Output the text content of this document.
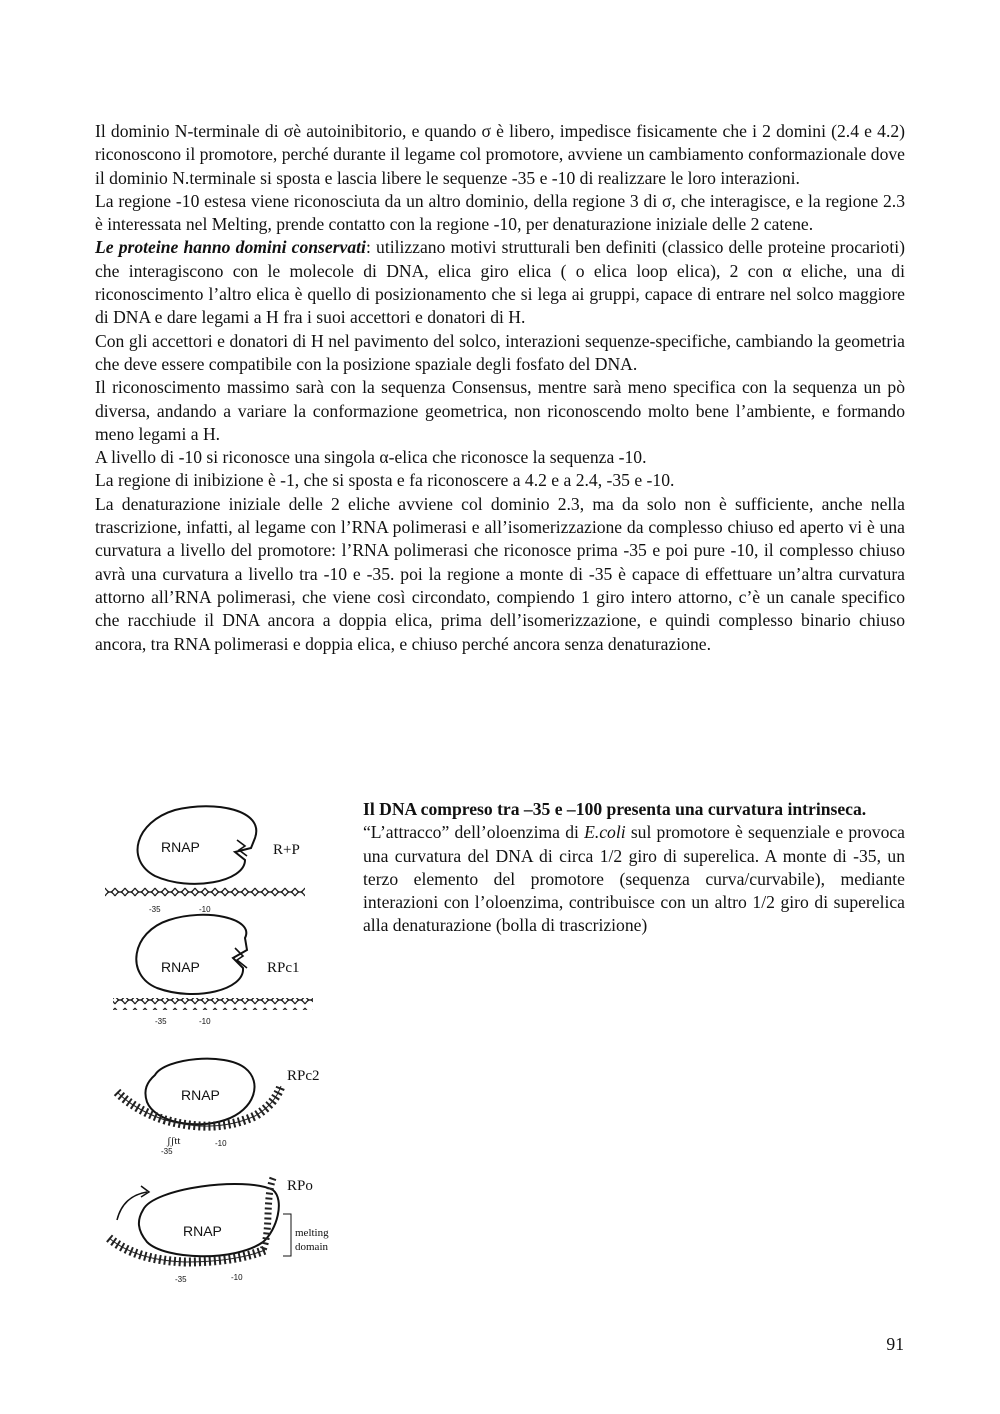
Il dominio N-terminale di σè autoinibitorio, e quando σ è libero, impedisce fisicamente che i 2 domini (2.4 e 4.2) riconoscono il promotore, perché durante il legame col promotore, avviene un cambiamento conformazionale dove il dominio N.terminale si sposta e lascia libere le sequenze -35 e -10 di realizzare le loro interazioni.

La regione -10 estesa viene riconosciuta da un altro dominio, della regione 3 di σ, che interagisce, e la regione 2.3 è interessata nel Melting, prende contatto con la regione -10, per denaturazione iniziale delle 2 catene.

Le proteine hanno domini conservati: utilizzano motivi strutturali ben definiti (classico delle proteine procarioti) che interagiscono con le molecole di DNA, elica giro elica ( o elica loop elica), 2 con α eliche, una di riconoscimento l’altro elica è quello di posizionamento che si lega ai gruppi, capace di entrare nel solco maggiore di DNA e dare legami a H fra i suoi accettori e donatori di H.

Con gli accettori e donatori di H nel pavimento del solco, interazioni sequenze-specifiche, cambiando la geometria che deve essere compatibile con la posizione spaziale degli fosfato del DNA.

Il riconoscimento massimo sarà con la sequenza Consensus, mentre sarà meno specifica con la sequenza un pò diversa, andando a variare la conformazione geometrica, non riconoscendo molto bene l’ambiente, e formando meno legami a H.

A livello di -10 si riconosce una singola α-elica che riconosce la sequenza -10.

La regione di inibizione è -1, che si sposta e fa riconoscere a 4.2 e a 2.4, -35 e -10.

La denaturazione iniziale delle 2 eliche avviene col dominio 2.3, ma da solo non è sufficiente, anche nella trascrizione, infatti, al legame con l’RNA polimerasi e all’isomerizzazione da complesso chiuso ed aperto vi è una curvatura a livello del promotore: l’RNA polimerasi che riconosce prima -35 e poi pure -10, il complesso chiuso avrà una curvatura a livello tra -10 e -35. poi la regione a monte di -35 è capace di effettuare un’altra curvatura attorno all’RNA polimerasi, che viene così circondato, compiendo 1 giro intero attorno, c’è un canale specifico che racchiude il DNA ancora a doppia elica, prima dell’isomerizzazione, e quindi complesso binario chiuso ancora, tra RNA polimerasi e doppia elica, e chiuso perché ancora senza denaturazione.

RNAP	R+P
-35	-10
RNAP	RPc1
-35	-10
RNAP
RPc2
ʃʃtt
-35
-10
RNAP
RPo
melting
domain
-35	-10

Il DNA compreso tra –35 e –100 presenta una curvatura intrinseca.

“L’attracco” dell’oloenzima di E.coli sul promotore è sequenziale e provoca una curvatura del DNA di circa 1/2 giro di superelica. A monte di -35, un terzo elemento del promotore (sequenza curva/curvabile), mediante interazioni con l’oloenzima, contribuisce con un altro 1/2 giro di superelica alla denaturazione (bolla di trascrizione)

91
